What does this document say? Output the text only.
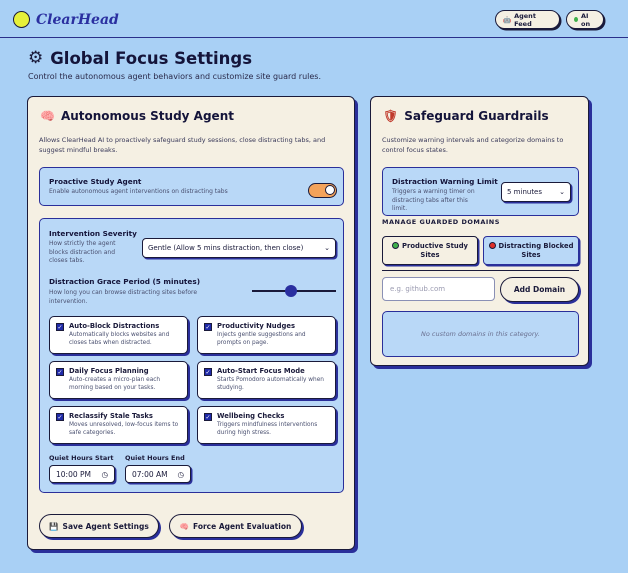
ClearHead	🤖 Agent Feed
AI on
⚙ Global Focus Settings
Control the autonomous agent behaviors and customize site guard rules.
🧠 Autonomous Study Agent
Allows ClearHead AI to proactively safeguard study sessions, close distracting tabs, and suggest mindful breaks.
Proactive Study Agent
Enable autonomous agent interventions on distracting tabs
Intervention Severity
How strictly the agent blocks distraction and closes tabs.
Gentle (Allow 5 mins distraction, then close)	⌄
Distraction Grace Period (5 minutes)
How long you can browse distracting sites before intervention.
✓ Auto-Block Distractions
Automatically blocks websites and closes tabs when distracted.
✓ Productivity Nudges
Injects gentle suggestions and prompts on page.
✓ Daily Focus Planning
Auto-creates a micro-plan each morning based on your tasks.
✓ Auto-Start Focus Mode
Starts Pomodoro automatically when studying.
✓ Reclassify Stale Tasks
Moves unresolved, low-focus items to safe categories.
✓ Wellbeing Checks
Triggers mindfulness interventions during high stress.
Quiet Hours Start
10:00 PM ◷
Quiet Hours End
07:00 AM ◷
💾 Save Agent Settings	🧠 Force Agent Evaluation
🛡 Safeguard Guardrails
Customize warning intervals and categorize domains to control focus states.
Distraction Warning Limit
Triggers a warning timer on distracting tabs after this limit.
5 minutes ⌄
MANAGE GUARDED DOMAINS
Productive Study Sites
Distracting Blocked Sites
e.g. github.com	Add Domain
No custom domains in this category.
